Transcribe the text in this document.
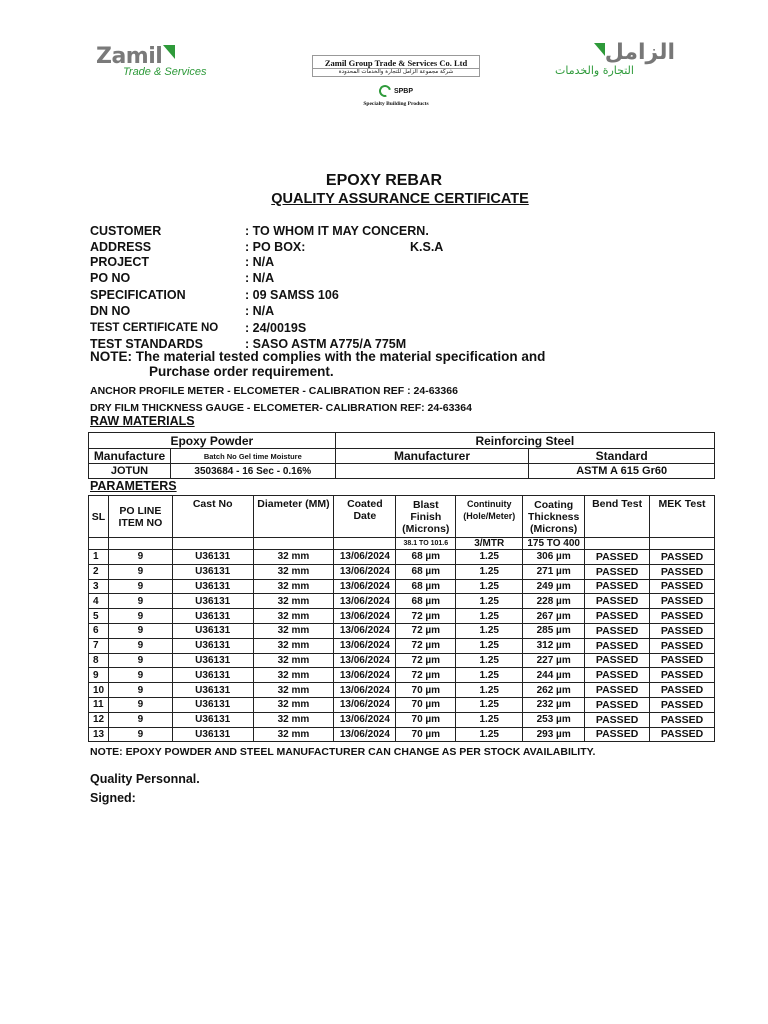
Zamil
Trade & Services
Zamil Group Trade & Services Co. Ltd
شركة مجموعة الزامل للتجارة والخدمات المحدودة
SPBP
Specialty Building Products
الزامل
التجارة والخدمات
EPOXY REBAR
QUALITY ASSURANCE CERTIFICATE
CUSTOMER	: TO WHOM IT MAY CONCERN.
ADDRESS	: PO BOX:	K.S.A
PROJECT	: N/A
PO NO	: N/A
SPECIFICATION	: 09 SAMSS 106
DN NO	: N/A
TEST CERTIFICATE NO	: 24/0019S
TEST STANDARDS	: SASO ASTM A775/A 775M
NOTE: The material tested complies with the material specification and
Purchase order requirement.
ANCHOR PROFILE METER - ELCOMETER - CALIBRATION REF : 24-63366
DRY FILM THICKNESS GAUGE - ELCOMETER- CALIBRATION REF: 24-63364
RAW MATERIALS
Epoxy Powder		Reinforcing Steel	
Manufacture	Batch No Gel time Moisture	Manufacturer	Standard
JOTUN	3503684 - 16 Sec - 0.16%		ASTM A 615 Gr60
PARAMETERS
SL	PO LINE ITEM NO	Cast No	Diameter (MM)	Coated Date	Blast Finish (Microns)	Continuity (Hole/Meter)	Coating Thickness (Microns)	Bend Test	MEK Test
					38.1 TO 101.6	3/MTR	175 TO 400		
1	9	U36131	32 mm	13/06/2024	68 µm	1.25	306 µm	PASSED	PASSED
2	9	U36131	32 mm	13/06/2024	68 µm	1.25	271 µm	PASSED	PASSED
3	9	U36131	32 mm	13/06/2024	68 µm	1.25	249 µm	PASSED	PASSED
4	9	U36131	32 mm	13/06/2024	68 µm	1.25	228 µm	PASSED	PASSED
5	9	U36131	32 mm	13/06/2024	72 µm	1.25	267 µm	PASSED	PASSED
6	9	U36131	32 mm	13/06/2024	72 µm	1.25	285 µm	PASSED	PASSED
7	9	U36131	32 mm	13/06/2024	72 µm	1.25	312 µm	PASSED	PASSED
8	9	U36131	32 mm	13/06/2024	72 µm	1.25	227 µm	PASSED	PASSED
9	9	U36131	32 mm	13/06/2024	72 µm	1.25	244 µm	PASSED	PASSED
10	9	U36131	32 mm	13/06/2024	70 µm	1.25	262 µm	PASSED	PASSED
11	9	U36131	32 mm	13/06/2024	70 µm	1.25	232 µm	PASSED	PASSED
12	9	U36131	32 mm	13/06/2024	70 µm	1.25	253 µm	PASSED	PASSED
13	9	U36131	32 mm	13/06/2024	70 µm	1.25	293 µm	PASSED	PASSED
NOTE: EPOXY POWDER AND STEEL MANUFACTURER CAN CHANGE AS PER STOCK AVAILABILITY.
Quality Personnal.
Signed:
